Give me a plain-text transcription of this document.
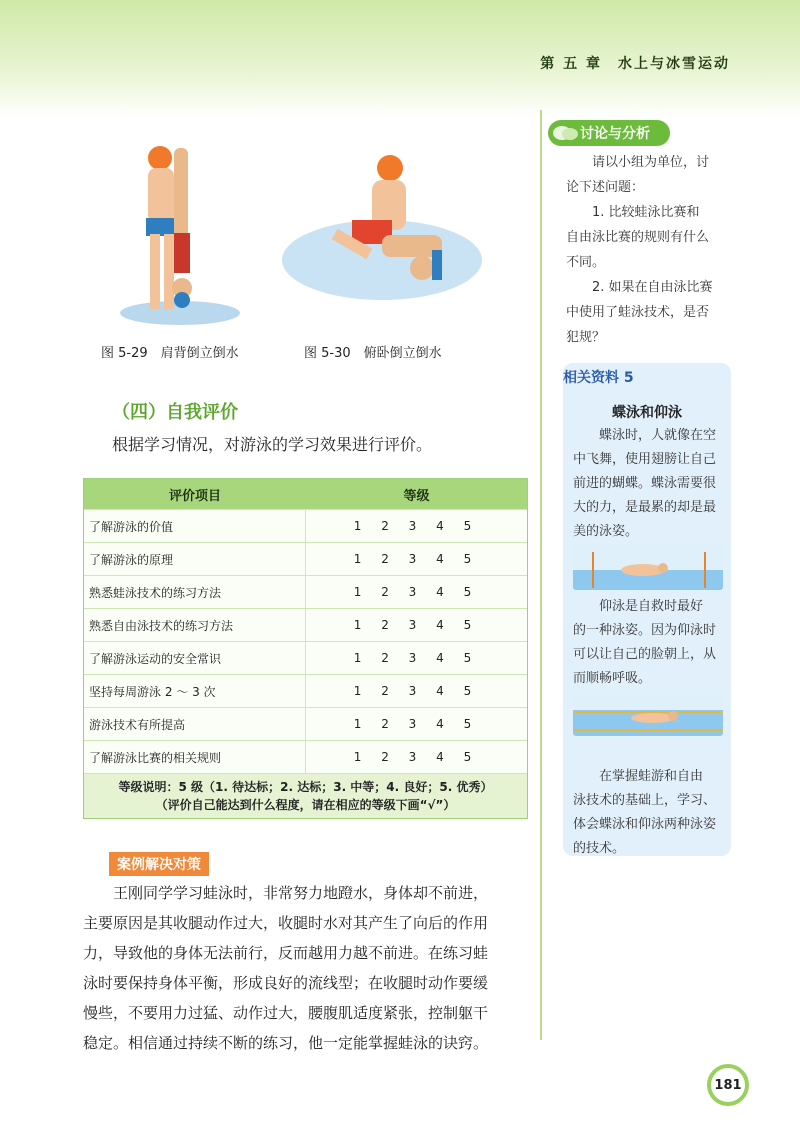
第 五 章　水上与冰雪运动
图 5-29　肩背倒立倒水	图 5-30　俯卧倒立倒水
（四）自我评价
根据学习情况，对游泳的学习效果进行评价。
评价项目	等级
了解游泳的价值	1 2 3 4 5
了解游泳的原理	1 2 3 4 5
熟悉蛙泳技术的练习方法	1 2 3 4 5
熟悉自由泳技术的练习方法	1 2 3 4 5
了解游泳运动的安全常识	1 2 3 4 5
坚持每周游泳 2 ～ 3 次	1 2 3 4 5
游泳技术有所提高	1 2 3 4 5
了解游泳比赛的相关规则	1 2 3 4 5
等级说明：5 级（1. 待达标；2. 达标；3. 中等；4. 良好；5. 优秀）
（评价自己能达到什么程度，请在相应的等级下画“√”）
案例解决对策
　　王刚同学学习蛙泳时，非常努力地蹬水，身体却不前进，
主要原因是其收腿动作过大，收腿时水对其产生了向后的作用
力，导致他的身体无法前行，反而越用力越不前进。在练习蛙
泳时要保持身体平衡，形成良好的流线型；在收腿时动作要缓
慢些，不要用力过猛、动作过大，腰腹肌适度紧张，控制躯干
稳定。相信通过持续不断的练习，他一定能掌握蛙泳的诀窍。
讨论与分析
　　请以小组为单位，讨
论下述问题：
　　1. 比较蛙泳比赛和
自由泳比赛的规则有什么
不同。
　　2. 如果在自由泳比赛
中使用了蛙泳技术，是否
犯规？
相关资料 5
蝶泳和仰泳
　　蝶泳时，人就像在空
中飞舞，使用翅膀让自己
前进的蝴蝶。蝶泳需要很
大的力，是最累的却是最
美的泳姿。
　　仰泳是自救时最好
的一种泳姿。因为仰泳时
可以让自己的脸朝上，从
而顺畅呼吸。
　　在掌握蛙游和自由
泳技术的基础上，学习、
体会蝶泳和仰泳两种泳姿
的技术。
181
